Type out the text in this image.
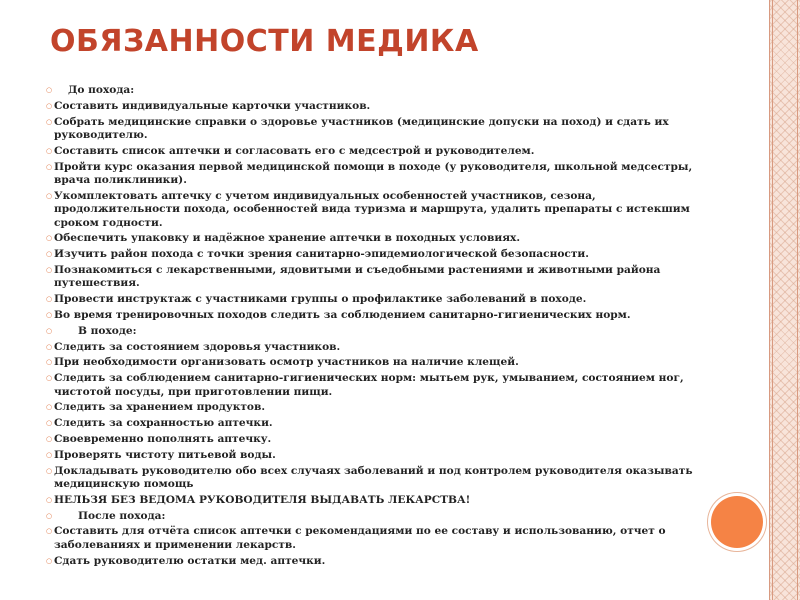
ОБЯЗАННОСТИ МЕДИКА
○	До похода:
○ Составить индивидуальные карточки участников.
○ Собрать медицинские справки о здоровье участников (медицинские допуски на поход) и сдать их руководителю.
○ Составить список аптечки и согласовать его с медсестрой и руководителем.
○ Пройти курс оказания первой медицинской помощи в походе (у руководителя, школьной медсестры, врача поликлиники).
○ Укомплектовать аптечку с учетом индивидуальных особенностей участников, сезона, продолжительности похода, особенностей вида туризма и маршрута, удалить препараты с истекшим сроком годности.
○ Обеспечить упаковку и надёжное хранение аптечки в походных условиях.
○ Изучить район похода с точки зрения санитарно-эпидемиологической безопасности.
○ Познакомиться с лекарственными, ядовитыми и съедобными растениями и животными района путешествия.
○ Провести инструктаж с участниками группы о профилактике заболеваний в походе.
○ Во время тренировочных походов следить за соблюдением санитарно-гигиенических норм.
○	В походе:
○ Следить за состоянием здоровья участников.
○ При необходимости организовать осмотр участников на наличие клещей.
○ Следить за соблюдением санитарно-гигиенических норм: мытьем рук, умыванием, состоянием ног, чистотой посуды, при приготовлении пищи.
○ Следить за хранением продуктов.
○ Следить за сохранностью аптечки.
○ Своевременно пополнять аптечку.
○ Проверять чистоту питьевой воды.
○ Докладывать руководителю обо всех случаях заболеваний и под контролем руководителя оказывать медицинскую помощь
○ НЕЛЬЗЯ БЕЗ ВЕДОМА РУКОВОДИТЕЛЯ ВЫДАВАТЬ ЛЕКАРСТВА!
○	После похода:
○ Составить для отчёта список аптечки с рекомендациями по ее составу и использованию, отчет о заболеваниях и применении лекарств.
○ Сдать руководителю остатки мед. аптечки.
